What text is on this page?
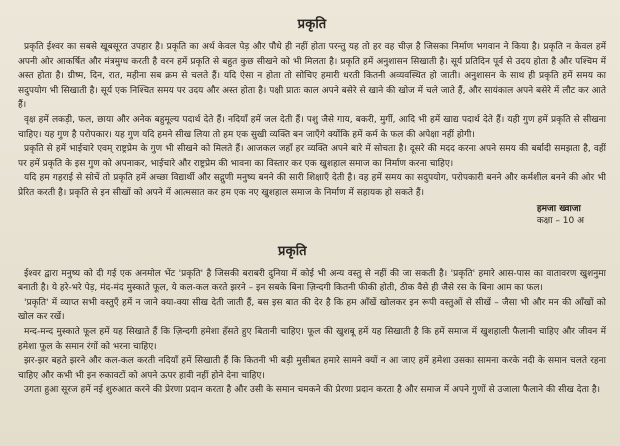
प्रकृति

प्रकृति ईश्वर का सबसे खूबसूरत उपहार है। प्रकृति का अर्थ केवल पेड़ और पौधे ही नहीं होता परन्तु यह तो हर वह चीज़ है जिसका निर्माण भगवान ने किया है। प्रकृति न केवल हमें अपनी ओर आकर्षित और मंत्रमुग्ध करती है वरन हमें प्रकृति से बहुत कुछ सीखने को भी मिलता है। प्रकृति हमें अनुशासन सिखाती है। सूर्य प्रतिदिन पूर्व से उदय होता है और पश्चिम में अस्त होता है। ग्रीष्म, दिन, रात, महीना सब क्रम से चलते हैं। यदि ऐसा न होता तो सोचिए हमारी धरती कितनी अव्यवस्थित हो जाती। अनुशासन के साथ ही प्रकृति हमें समय का सदुपयोग भी सिखाती है। सूर्य एक निश्चित समय पर उदय और अस्त होता है। पक्षी प्रातः काल अपने बसेरे से खाने की खोज में चले जाते हैं, और सायंकाल अपने बसेरे में लौट कर आते हैं।

वृक्ष हमें लकड़ी, फल, छाया और अनेक बहुमूल्य पदार्थ देते हैं। नदियाँ हमें जल देती हैं। पशु जैसे गाय, बकरी, मुर्गी, आदि भी हमें खाद्य पदार्थ देते हैं। यही गुण हमें प्रकृति से सीखना चाहिए। यह गुण है परोपकार। यह गुण यदि हमने सीख लिया तो हम एक सुखी व्यक्ति बन जाएँगे क्योंकि हमें कर्म के फल की अपेक्षा नहीं होगी।

प्रकृति से हमें भाईचारे एवम् राष्ट्रप्रेम के गुण भी सीखने को मिलते हैं। आजकल जहाँ हर व्यक्ति अपने बारे में सोचता है। दूसरे की मदद करना अपने समय की बर्बादी समझता है, वहीं पर हमें प्रकृति के इस गुण को अपनाकर, भाईचारे और राष्ट्रप्रेम की भावना का विस्तार कर एक खुशहाल समाज का निर्माण करना चाहिए।

यदि हम गहराई से सोचें तो प्रकृति हमें अच्छा विद्यार्थी और सद्गुणी मनुष्य बनने की सारी शिक्षाएँ देती है। वह हमें समय का सदुपयोग, परोपकारी बनने और कर्मशील बनने की ओर भी प्रेरित करती है। प्रकृति से इन सीखों को अपने में आत्मसात कर हम एक नए खुशहाल समाज के निर्माण में सहायक हो सकते हैं।

हमजा ख्वाजा
कक्षा – 10 अ
प्रकृति

ईश्वर द्वारा मनुष्य को दी गई एक अनमोल भेंट 'प्रकृति' है जिसकी बराबरी दुनिया में कोई भी अन्य वस्तु से नहीं की जा सकती है। 'प्रकृति' हमारे आस-पास का वातावरण खुशनुमा बनाती है। ये हरे-भरे पेड़, मंद-मंद मुस्काते फूल, ये कल-कल करते झरने – इन सबके बिना ज़िन्दगी कितनी फीकी होती, ठीक वैसे ही जैसे रस के बिना आम का फल।

'प्रकृति' में व्याप्त सभी वस्तुएँ हमें न जाने क्या-क्या सीख देती जाती हैं, बस इस बात की देर है कि हम आँखें खोलकर इन रूपी वस्तुओं से सीखें – जैसा भी और मन की आँखों को खोल कर रखें।

मन्द-मन्द मुस्काते फूल हमें यह सिखाते हैं कि ज़िन्दगी हमेशा हँसते हुए बितानी चाहिए। फूल की खुशबू हमें यह सिखाती है कि हमें समाज में खुशहाली फैलानी चाहिए और जीवन में हमेशा फूल के समान रंगों को भरना चाहिए।

झर-झर बहते झरने और कल-कल करती नदियाँ हमें सिखाती हैं कि कितनी भी बड़ी मुसीबत हमारे सामने क्यों न आ जाए हमें हमेशा उसका सामना करके नदी के समान चलते रहना चाहिए और कभी भी इन रुकावटों को अपने ऊपर हावी नहीं होने देना चाहिए।

उगता हुआ सूरज हमें नई शुरुआत करने की प्रेरणा प्रदान करता है और उसी के समान चमकने की प्रेरणा प्रदान करता है और समाज में अपने गुणों से उजाला फैलाने की सीख देता है।
